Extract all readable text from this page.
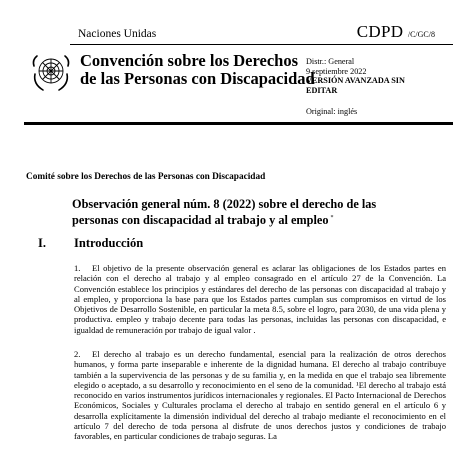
Naciones Unidas	CDPD /C/GC/8
Convención sobre los Derechos
de las Personas con Discapacidad
Distr.: General
9 septiembre 2022
VERSIÓN AVANZADA SIN
EDITAR
Original: inglés
Comité sobre los Derechos de las Personas con Discapacidad
Observación general núm. 8 (2022) sobre el derecho de las personas con discapacidad al trabajo y al empleo *
I. Introducción
1. El objetivo de la presente observación general es aclarar las obligaciones de los Estados partes en relación con el derecho al trabajo y al empleo consagrado en el artículo 27 de la Convención. La Convención establece los principios y estándares del derecho de las personas con discapacidad al trabajo y al empleo, y proporciona la base para que los Estados partes cumplan sus compromisos en virtud de los Objetivos de Desarrollo Sostenible, en particular la meta 8.5, sobre el logro, para 2030, de una vida plena y productiva. empleo y trabajo decente para todas las personas, incluidas las personas con discapacidad, e igualdad de remuneración por trabajo de igual valor .
2. El derecho al trabajo es un derecho fundamental, esencial para la realización de otros derechos humanos, y forma parte inseparable e inherente de la dignidad humana. El derecho al trabajo contribuye también a la supervivencia de las personas y de su familia y, en la medida en que el trabajo sea libremente elegido o aceptado, a su desarrollo y reconocimiento en el seno de la comunidad. ¹El derecho al trabajo está reconocido en varios instrumentos jurídicos internacionales y regionales. El Pacto Internacional de Derechos Económicos, Sociales y Culturales proclama el derecho al trabajo en sentido general en el artículo 6 y desarrolla explícitamente la dimensión individual del derecho al trabajo mediante el reconocimiento en el artículo 7 del derecho de toda persona al disfrute de unos derechos justos y condiciones de trabajo favorables, en particular condiciones de trabajo seguras. La
